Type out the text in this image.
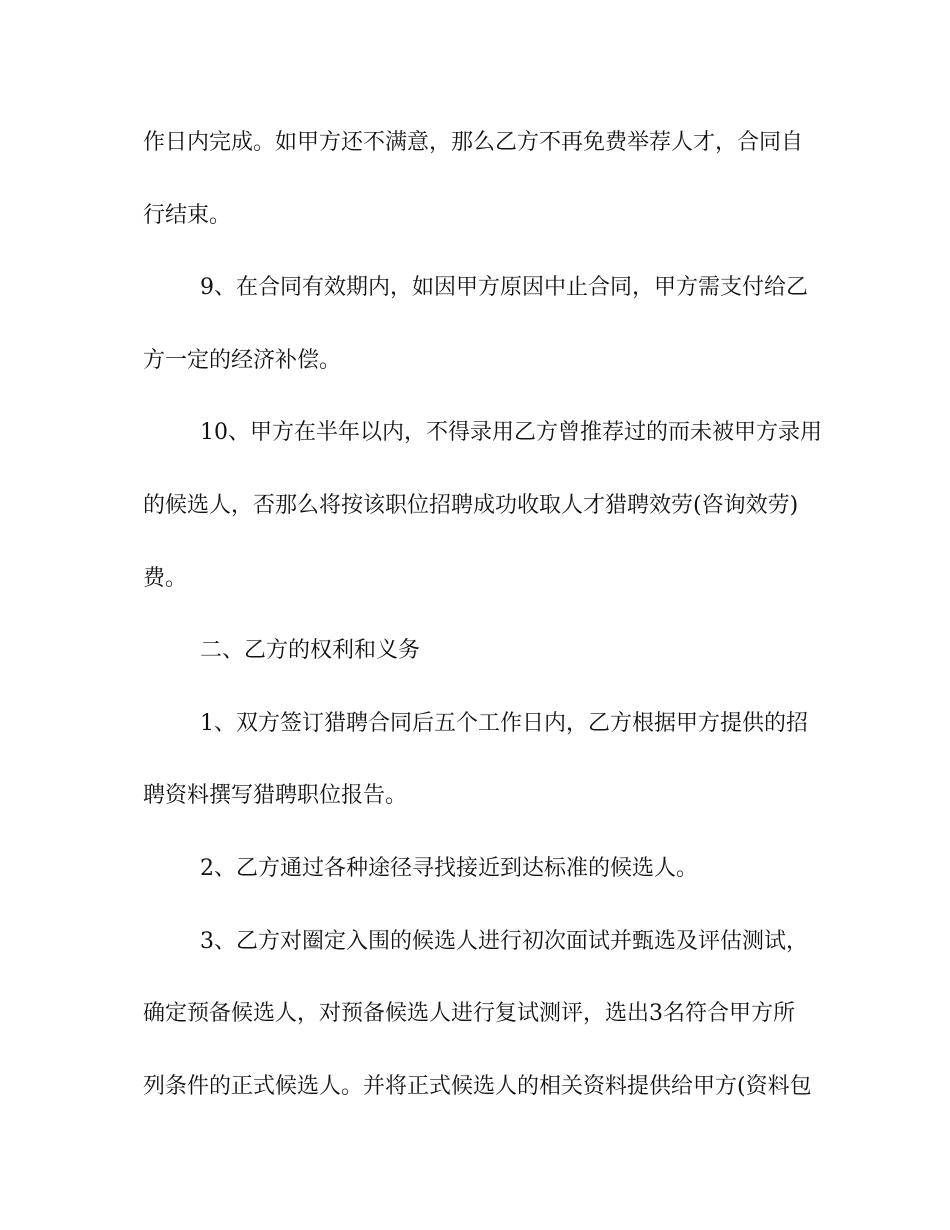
作日内完成。如甲方还不满意，那么乙方不再免费举荐人才，合同自
行结束。
9、在合同有效期内，如因甲方原因中止合同，甲方需支付给乙
方一定的经济补偿。
10、甲方在半年以内，不得录用乙方曾推荐过的而未被甲方录用
的候选人，否那么将按该职位招聘成功收取人才猎聘效劳(咨询效劳)
费。
二、乙方的权利和义务
1、双方签订猎聘合同后五个工作日内，乙方根据甲方提供的招
聘资料撰写猎聘职位报告。
2、乙方通过各种途径寻找接近到达标准的候选人。
3、乙方对圈定入围的候选人进行初次面试并甄选及评估测试，
确定预备候选人，对预备候选人进行复试测评，选出3名符合甲方所
列条件的正式候选人。并将正式候选人的相关资料提供给甲方(资料包
